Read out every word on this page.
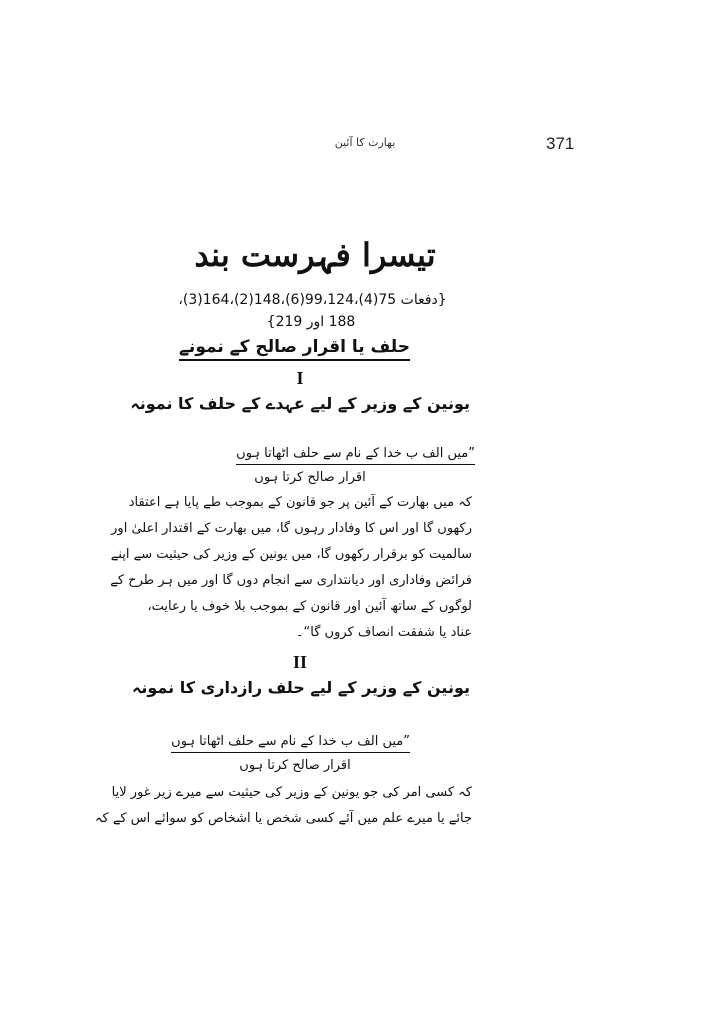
371
بھارت کا آئین
تیسرا فہرست بند
{دفعات 75(4)،99،124(6)،148(2)،164(3)،
188 اور 219}
حلف یا اقرار صالح کے نمونے
I
یونین کے وزیر کے لیے عہدے کے حلف کا نمونہ
”میں الف ب خدا کے نام سے حلف اٹھاتا ہوں
اقرار صالح کرتا ہوں
کہ میں بھارت کے آئین پر جو قانون کے بموجب طے پایا ہے اعتقاد
رکھوں گا اور اس کا وفادار رہوں گا، میں بھارت کے اقتدار اعلیٰ اور
سالمیت کو برقرار رکھوں گا، میں یونین کے وزیر کی حیثیت سے اپنے
فرائض وفاداری اور دیانتداری سے انجام دوں گا اور میں ہر طرح کے
لوگوں کے ساتھ آئین اور قانون کے بموجب بلا خوف یا رعایت،
عناد یا شفقت انصاف کروں گا“۔
II
یونین کے وزیر کے لیے حلف رازداری کا نمونہ
”میں الف ب خدا کے نام سے حلف اٹھاتا ہوں
اقرار صالح کرتا ہوں
کہ کسی امر کی جو یونین کے وزیر کی حیثیت سے میرے زیر غور لایا
جائے یا میرے علم میں آئے کسی شخص یا اشخاص کو سوائے اس کے کہ
